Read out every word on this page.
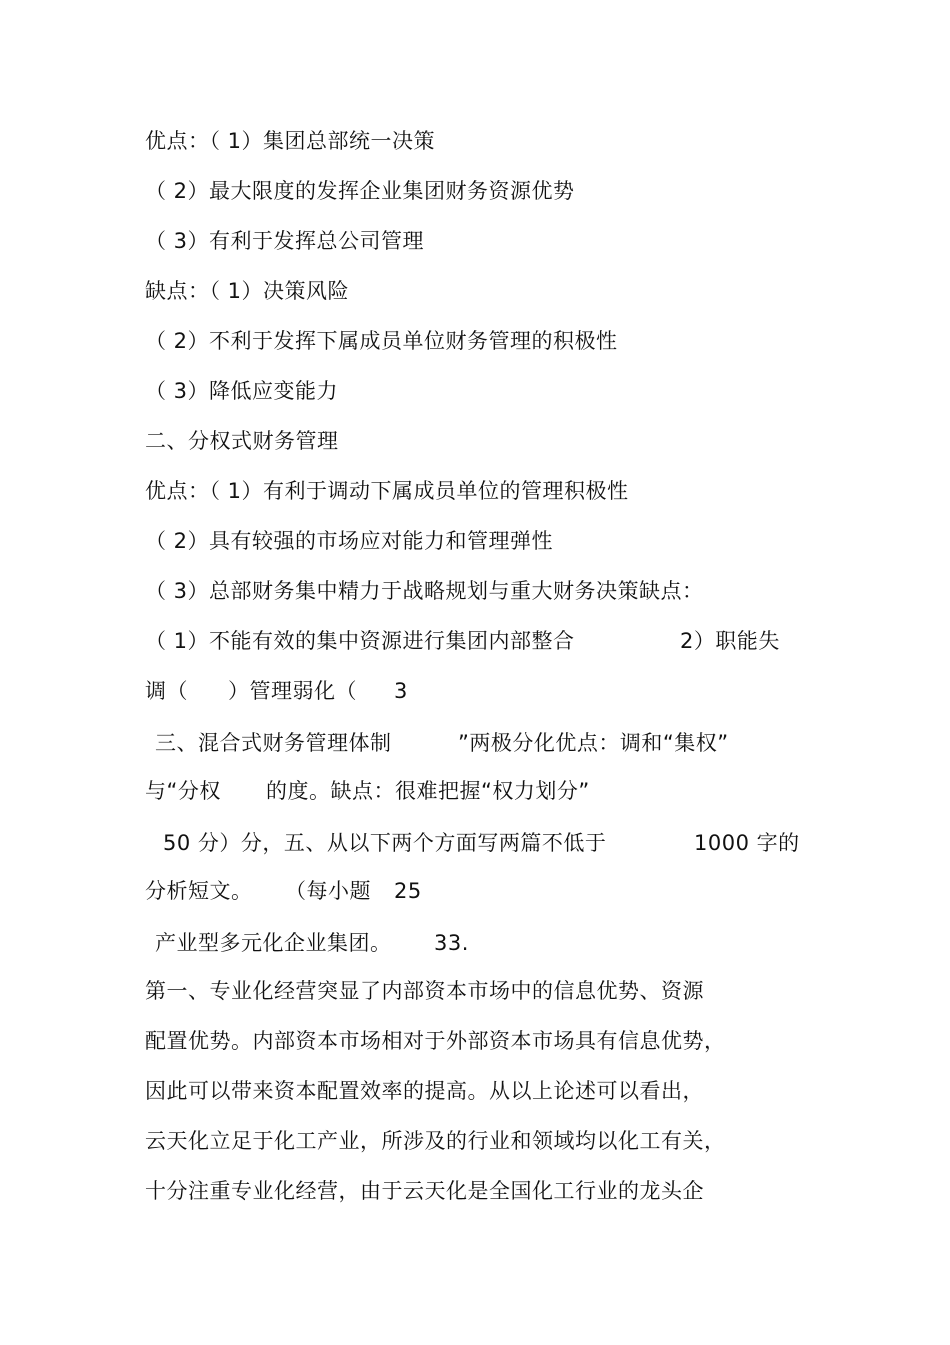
优点：（ 1）集团总部统一决策
（ 2）最大限度的发挥企业集团财务资源优势
（ 3）有利于发挥总公司管理
缺点：（ 1）决策风险
（ 2）不利于发挥下属成员单位财务管理的积极性
（ 3）降低应变能力
二、分权式财务管理
优点：（ 1）有利于调动下属成员单位的管理积极性
（ 2）具有较强的市场应对能力和管理弹性
（ 3）总部财务集中精力于战略规划与重大财务决策缺点：
（ 1）不能有效的集中资源进行集团内部整合	2）职能失
调（ ）管理弱化（ 3
三、混合式财务管理体制	”两极分化优点：调和“集权”
与“分权 的度。缺点：很难把握“权力划分”
50 分）分，五、从以下两个方面写两篇不低于	1000 字的
分析短文。 （每小题 25
产业型多元化企业集团。 33.
第一、专业化经营突显了内部资本市场中的信息优势、资源
配置优势。内部资本市场相对于外部资本市场具有信息优势，
因此可以带来资本配置效率的提高。从以上论述可以看出，
云天化立足于化工产业，所涉及的行业和领域均以化工有关，
十分注重专业化经营，由于云天化是全国化工行业的龙头企
